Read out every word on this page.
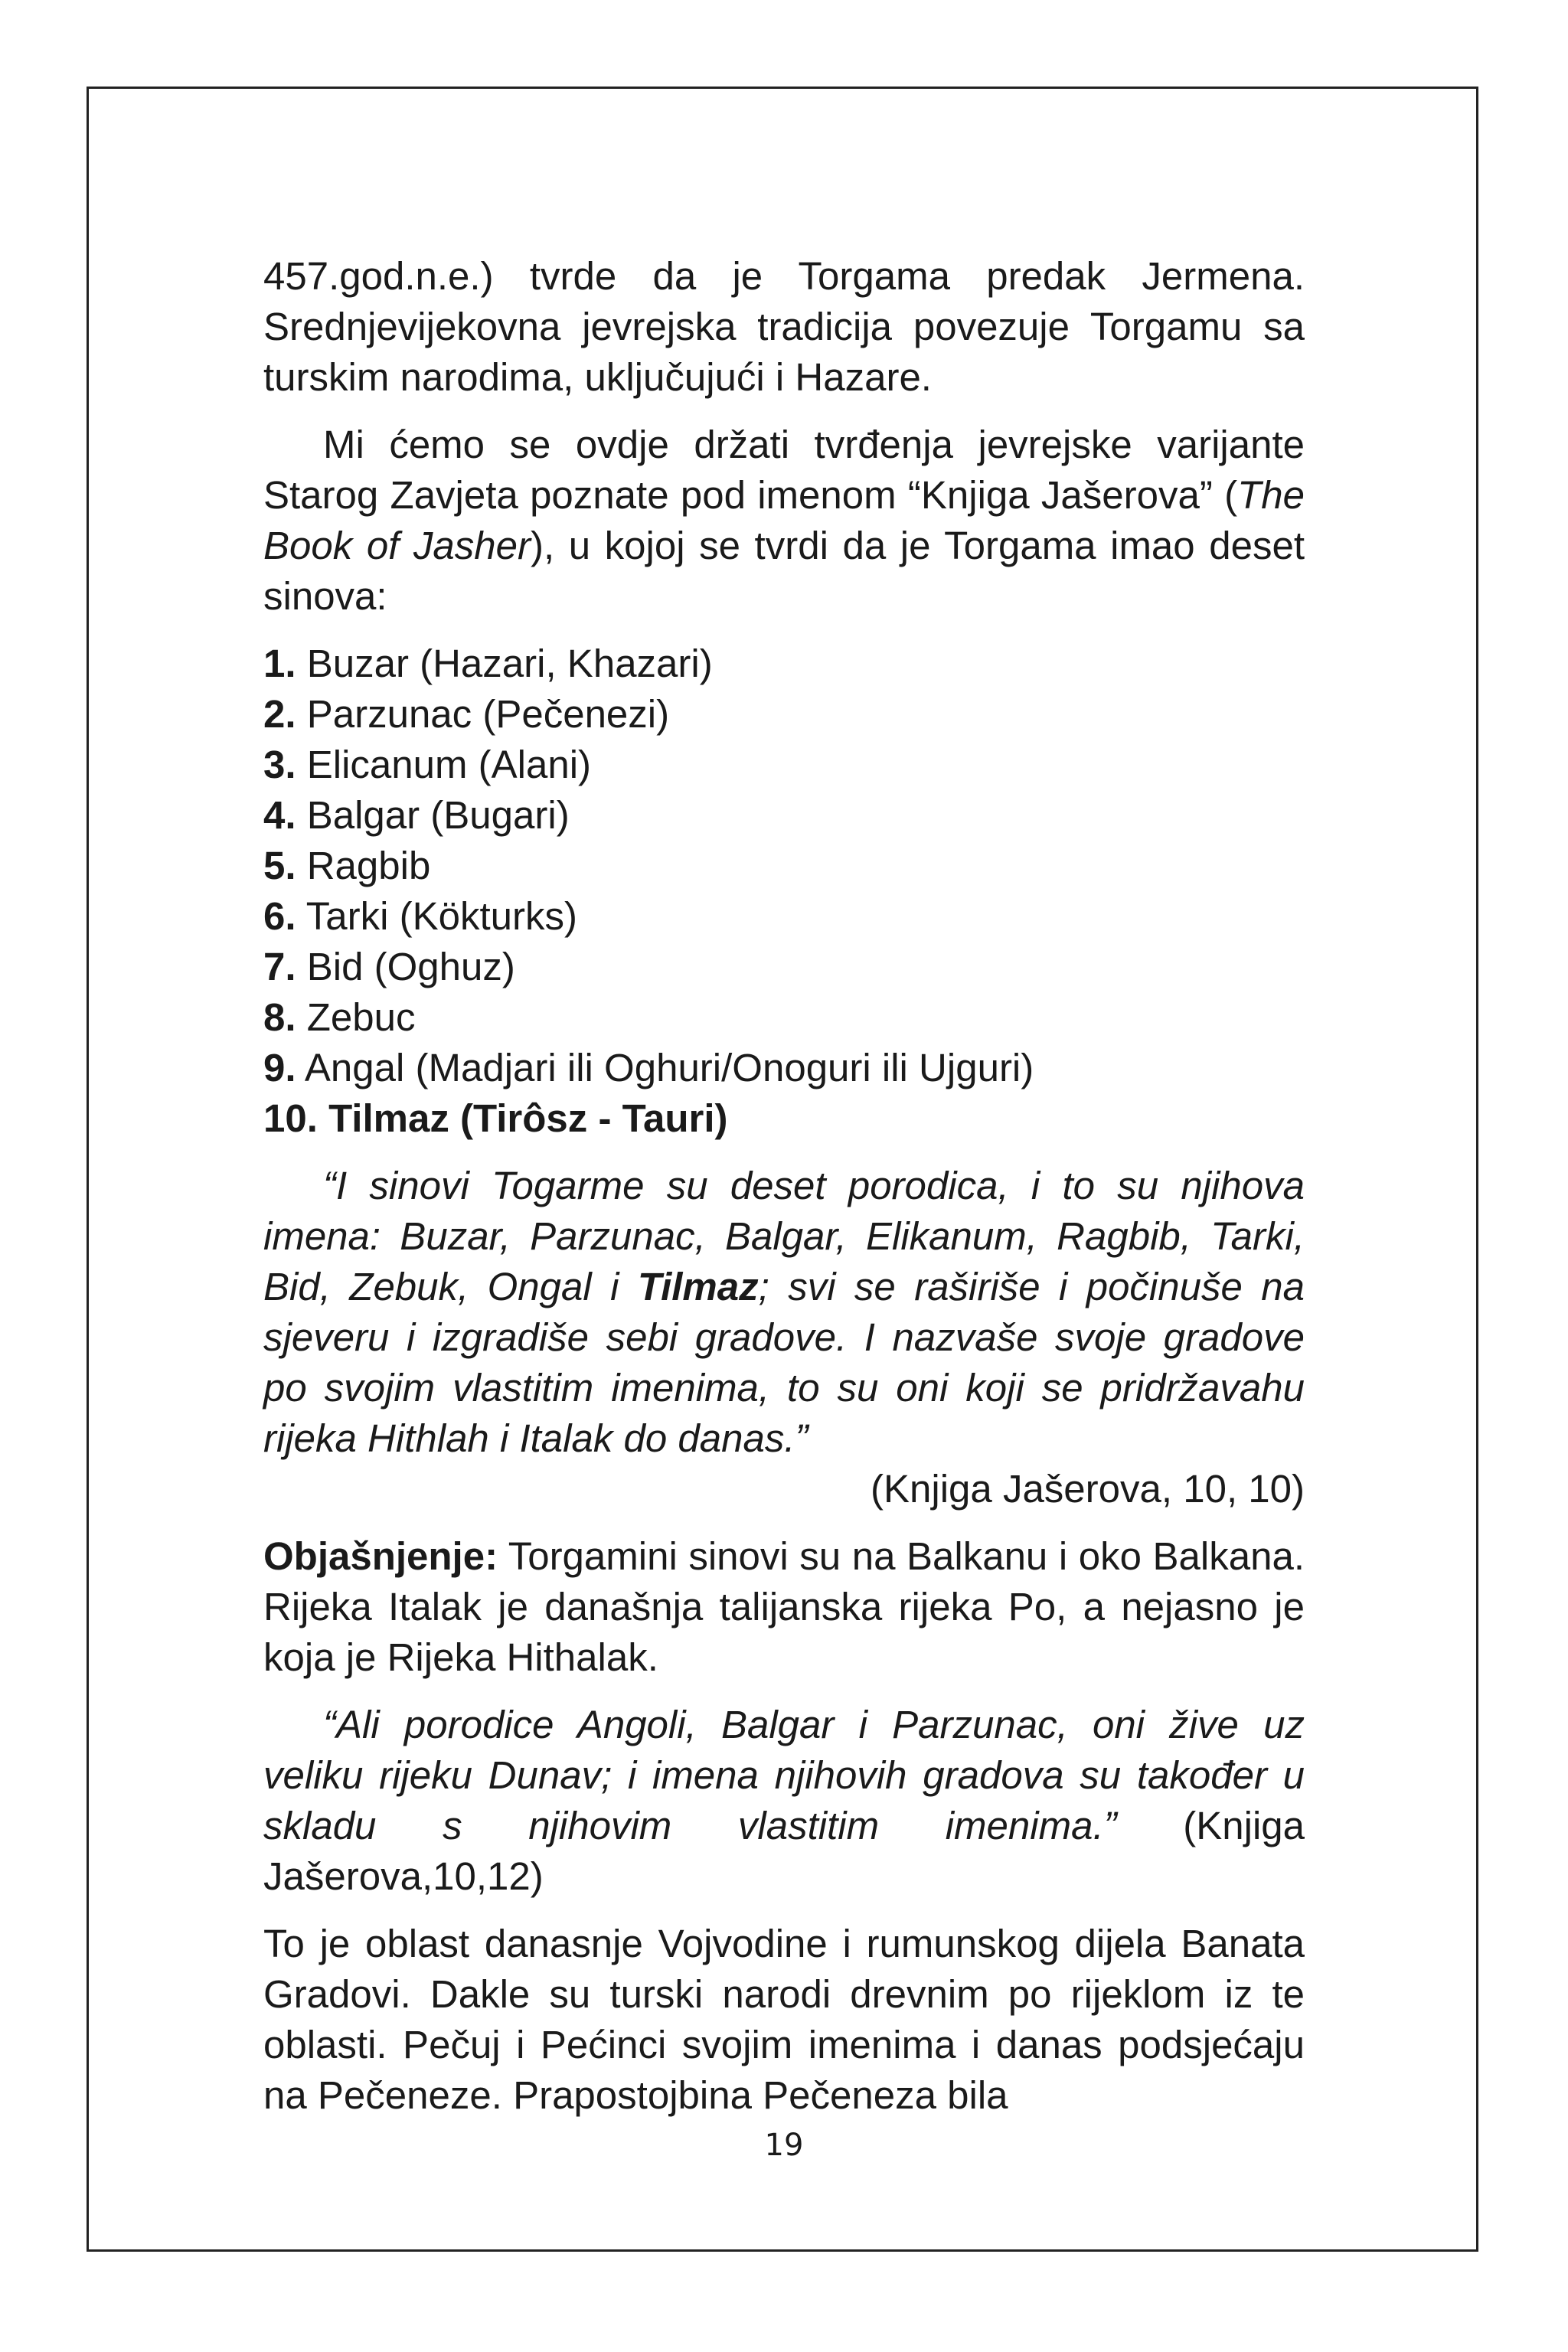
457.god.n.e.) tvrde da je Torgama predak Jermena. Srednjevijekovna jevrejska tradicija povezuje Torgamu sa turskim narodima, uključujući i Hazare.

Mi ćemo se ovdje držati tvrđenja jevrejske varijante Starog Zavjeta poznate pod imenom “Knjiga Jašerova” (The Book of Jasher), u kojoj se tvrdi da je Torgama imao deset sinova:

1. Buzar (Hazari, Khazari)
2. Parzunac (Pečenezi)
3. Elicanum (Alani)
4. Balgar (Bugari)
5. Ragbib
6. Tarki (Kökturks)
7. Bid (Oghuz)
8. Zebuc
9. Angal (Madjari ili Oghuri/Onoguri ili Ujguri)
10. Tilmaz (Tirôsz - Tauri)

“I sinovi Togarme su deset porodica, i to su njihova imena: Buzar, Parzunac, Balgar, Elikanum, Ragbib, Tarki, Bid, Zebuk, Ongal i Tilmaz; svi se raširiše i počinuše na sjeveru i izgradiše sebi gradove. I nazvaše svoje gradove po svojim vlastitim imenima, to su oni koji se pridržavahu rijeka Hithlah i Italak do danas.”

(Knjiga Jašerova, 10, 10)

Objašnjenje: Torgamini sinovi su na Balkanu i oko Balkana. Rijeka Italak je današnja talijanska rijeka Po, a nejasno je koja je Rijeka Hithalak.

“Ali porodice Angoli, Balgar i Parzunac, oni žive uz veliku rijeku Dunav; i imena njihovih gradova su također u skladu s njihovim vlastitim imenima.” (Knjiga Jašerova,10,12)

To je oblast danasnje Vojvodine i rumunskog dijela Banata Gradovi. Dakle su turski narodi drevnim po rijeklom iz te oblasti. Pečuj i Pećinci svojim imenima i danas podsjećaju na Pečeneze. Prapostojbina Pečeneza bila

19
